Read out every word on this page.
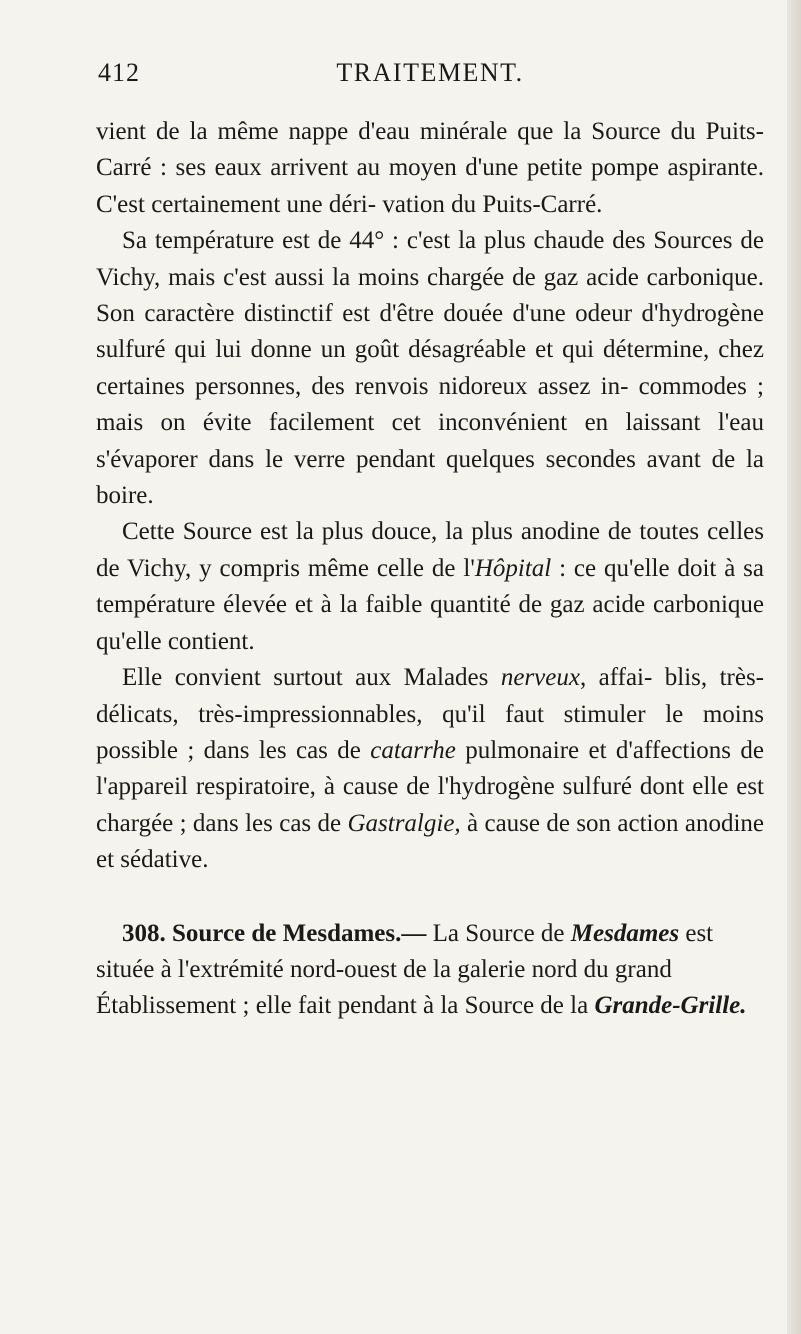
412	TRAITEMENT.

vient de la même nappe d'eau minérale que la Source du Puits-Carré : ses eaux arrivent au moyen d'une petite pompe aspirante. C'est certainement une déri- vation du Puits-Carré.

Sa température est de 44° : c'est la plus chaude des Sources de Vichy, mais c'est aussi la moins chargée de gaz acide carbonique. Son caractère distinctif est d'être douée d'une odeur d'hydrogène sulfuré qui lui donne un goût désagréable et qui détermine, chez certaines personnes, des renvois nidoreux assez in- commodes ; mais on évite facilement cet inconvénient en laissant l'eau s'évaporer dans le verre pendant quelques secondes avant de la boire.

Cette Source est la plus douce, la plus anodine de toutes celles de Vichy, y compris même celle de l'Hôpital : ce qu'elle doit à sa température élevée et à la faible quantité de gaz acide carbonique qu'elle contient.

Elle convient surtout aux Malades nerveux, affai- blis, très-délicats, très-impressionnables, qu'il faut stimuler le moins possible ; dans les cas de catarrhe pulmonaire et d'affections de l'appareil respiratoire, à cause de l'hydrogène sulfuré dont elle est chargée ; dans les cas de Gastralgie, à cause de son action anodine et sédative.

308. Source de Mesdames.— La Source de Mesdames est située à l'extrémité nord-ouest de la galerie nord du grand Établissement ; elle fait pendant à la Source de la Grande-Grille.
